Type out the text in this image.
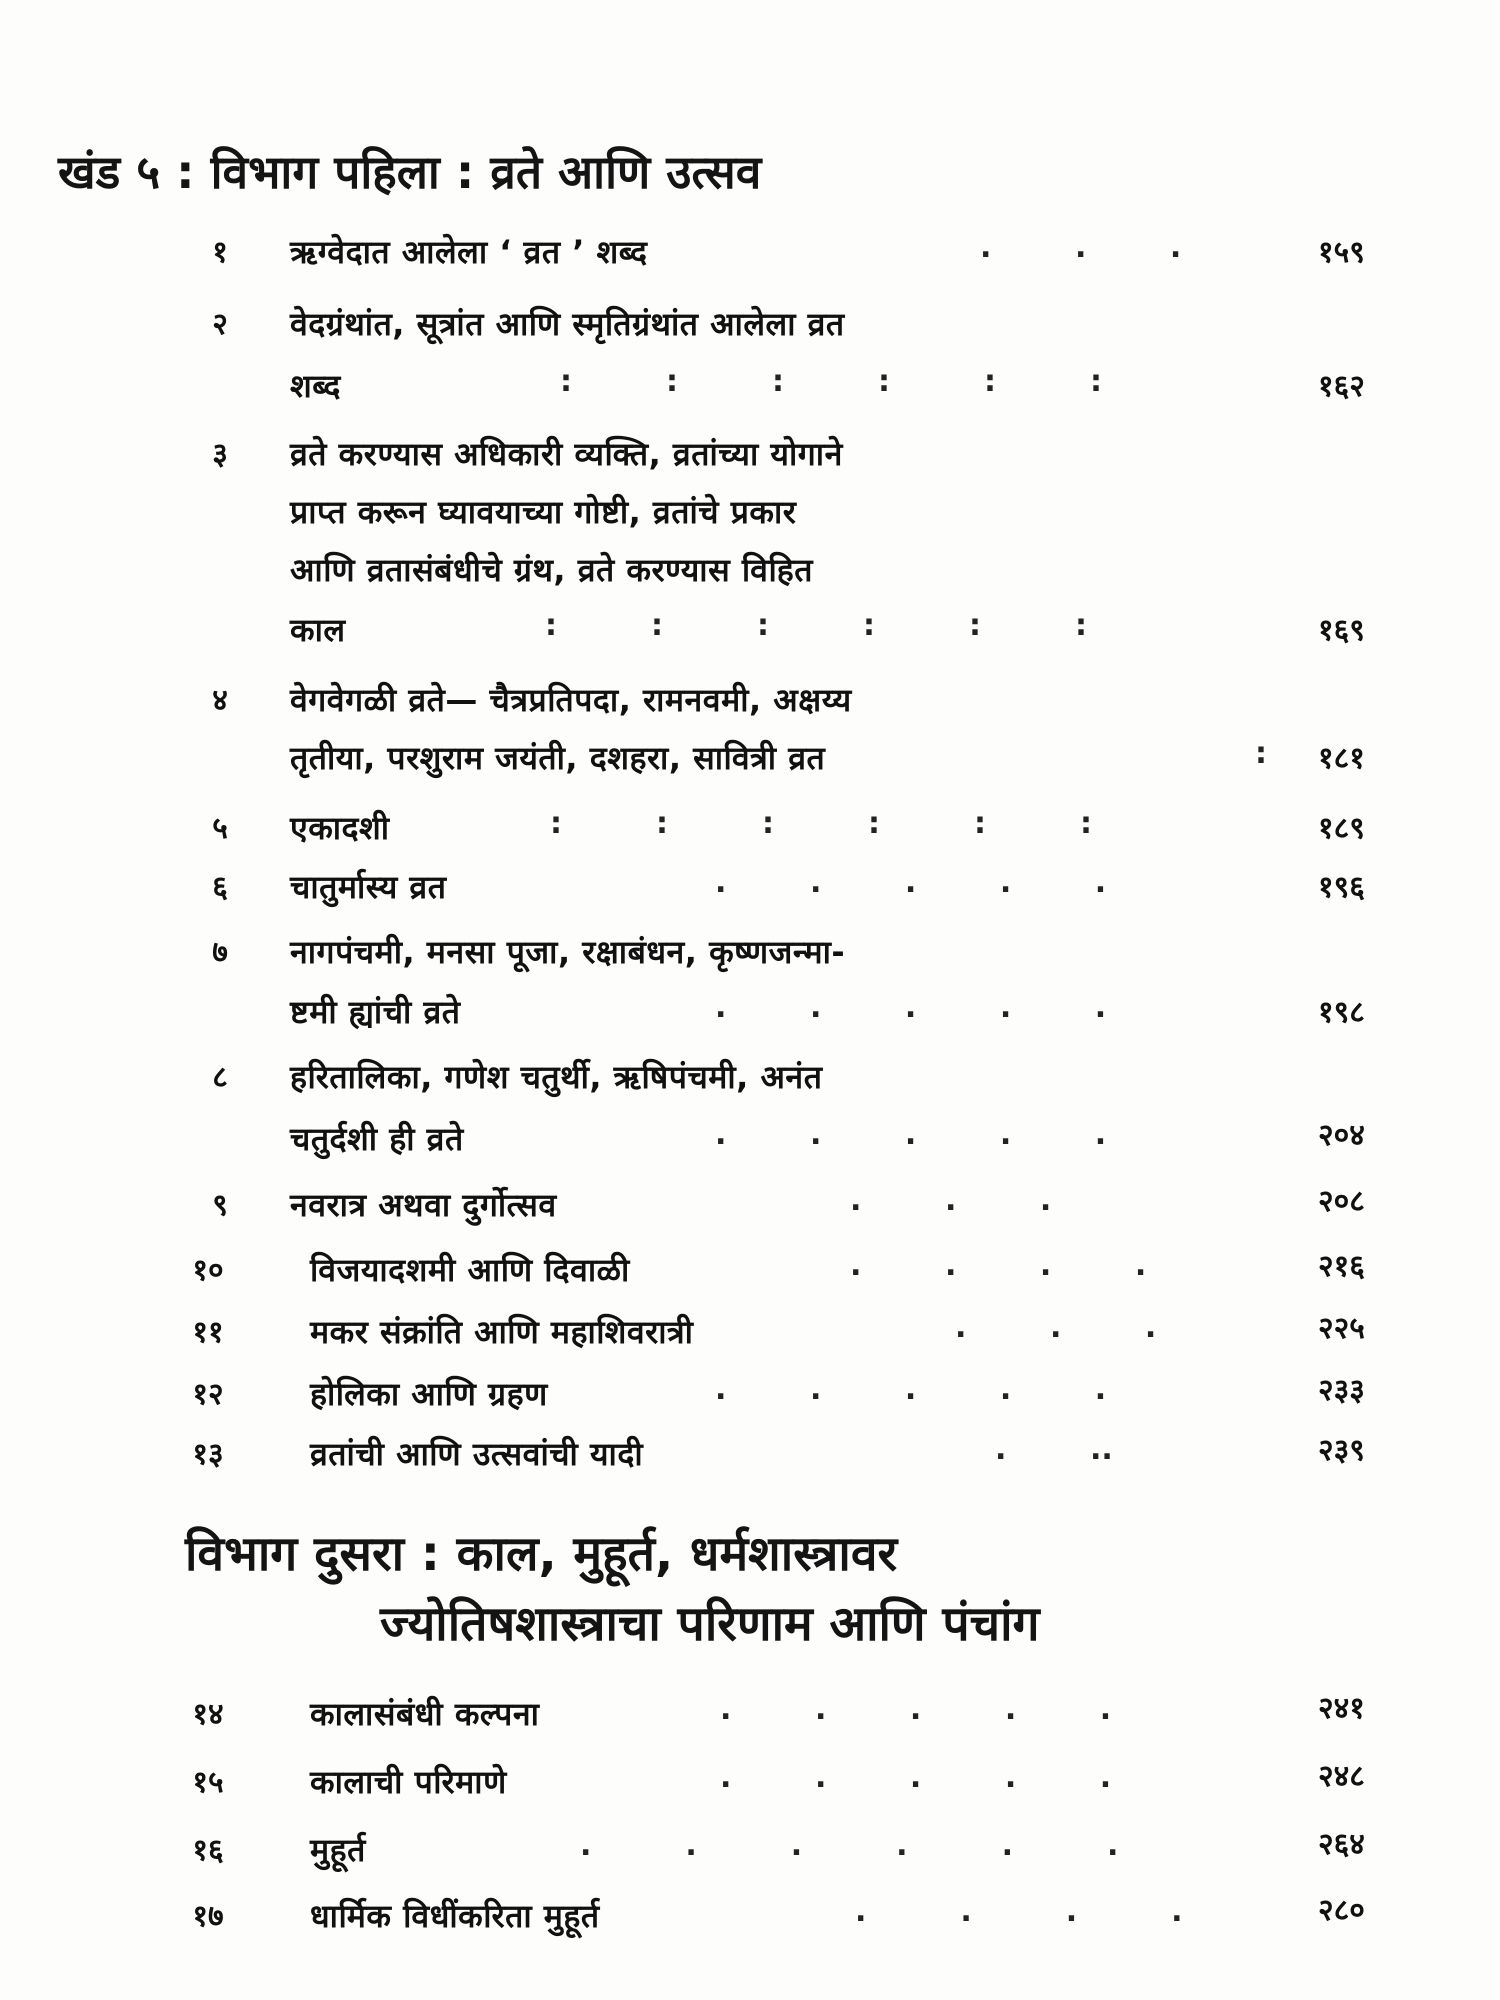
खंड ५ : विभाग पहिला : व्रते आणि उत्सव
१	ऋग्वेदात आलेला ‘ व्रत ’ शब्द	.        .        .	१५९
२	वेदग्रंथांत, सूत्रांत आणि स्मृतिग्रंथांत आलेला व्रत
शब्द	:         :         :         :         :         :	१६२
३	व्रते करण्यास अधिकारी व्यक्ति, व्रतांच्या योगाने
प्राप्त करून घ्यावयाच्या गोष्टी, व्रतांचे प्रकार
आणि व्रतासंबंधीचे ग्रंथ, व्रते करण्यास विहित
काल	:         :         :         :         :         :	१६९
४	वेगवेगळी व्रते— चैत्रप्रतिपदा, रामनवमी, अक्षय्य
तृतीया, परशुराम जयंती, दशहरा, सावित्री व्रत	: १८१
५	एकादशी	:         :         :         :         :         :	१८९
६	चातुर्मास्य व्रत	.        .        .        .        .	१९६
७	नागपंचमी, मनसा पूजा, रक्षाबंधन, कृष्णजन्मा-
ष्टमी ह्यांची व्रते	.        .        .        .        .	१९८
८	हरितालिका, गणेश चतुर्थी, ऋषिपंचमी, अनंत
चतुर्दशी ही व्रते	.        .        .        .        .	२०४
९	नवरात्र अथवा दुर्गोत्सव	.        .        .	२०८
१०	विजयादशमी आणि दिवाळी	.        .        .        .	२१६
११	मकर संक्रांति आणि महाशिवरात्री	.        .        .	२२५
१२	होलिका आणि ग्रहण	.        .        .        .        .	२३३
१३	व्रतांची आणि उत्सवांची यादी	.        ..	२३९
विभाग दुसरा : काल, मुहूर्त, धर्मशास्त्रावर
ज्योतिषशास्त्राचा परिणाम आणि पंचांग
१४	कालासंबंधी कल्पना	.        .        .        .        .	२४१
१५	कालाची परिमाणे	.        .        .        .        .	२४८
१६	मुहूर्त	.         .         .         .         .         .	२६४
१७	धार्मिक विधींकरिता मुहूर्त	.         .         .         .	२८०
